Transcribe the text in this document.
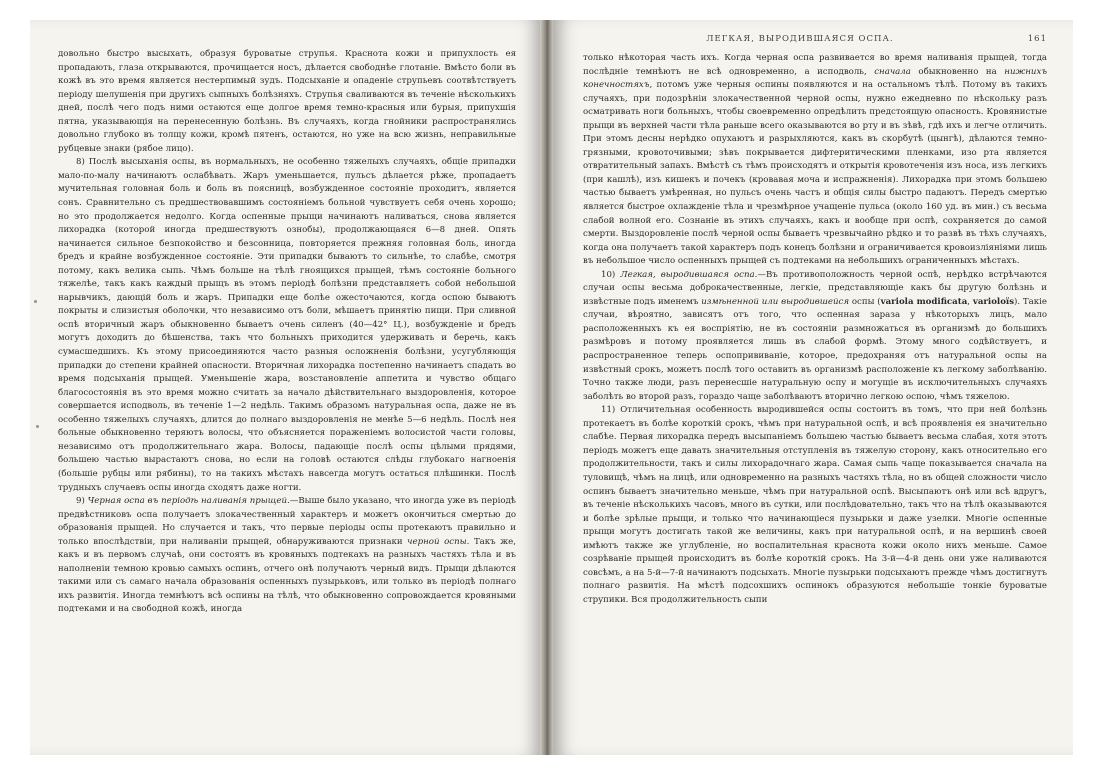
довольно быстро высыхать, образуя буроватые струпья. Краснота кожи и припухлость ея пропадають, глаза открываются, прочищается носъ, дѣлается свободнѣе глотаніе. Вмѣсто боли въ кожѣ въ это время является нестерпимый зудъ. Подсыханіе и опаденіе струпьевъ соотвѣтствуетъ періоду шелушенія при другихъ сыпныхъ болѣзняхъ. Струпья сваливаются въ теченіе нѣсколькихъ дней, послѣ чего подъ ними остаются еще долгое время темно-красныя или бурыя, припухшія пятна, указывающія на перенесенную болѣзнь. Въ случаяхъ, когда гнойники распространялись довольно глубоко въ толщу кожи, кромѣ пятенъ, остаются, но уже на всю жизнь, неправильные рубцевые знаки (рябое лицо).

8) Послѣ высыханія оспы, въ нормальныхъ, не особенно тяжелыхъ случаяхъ, общіе припадки мало-по-малу начинаютъ ослабѣвать. Жаръ уменьшается, пульсъ дѣлается рѣже, пропадаетъ мучительная головная боль и боль въ поясницѣ, возбужденное состояніе проходитъ, является сонъ. Сравнительно съ предшествовавшимъ состояніемъ больной чувствуетъ себя очень хорошо; но это продолжается недолго. Когда оспенные прыщи начинаютъ наливаться, снова является лихорадка (которой иногда предшествуютъ ознобы), продолжающаяся 6—8 дней. Опять начинается сильное безпокойство и безсонница, повторяется прежняя головная боль, иногда бредъ и крайне возбужденное состояніе. Эти припадки бываютъ то сильнѣе, то слабѣе, смотря потому, какъ велика сыпь. Чѣмъ больше на тѣлѣ гноящихся прыщей, тѣмъ состояніе больного тяжелѣе, такъ какъ каждый прыщъ въ этомъ періодѣ болѣзни представляетъ собой небольшой нарывчикъ, дающій боль и жаръ. Припадки еще болѣе ожесточаются, когда оспою бываютъ покрыты и слизистыя оболочки, что независимо отъ боли, мѣшаетъ принятію пищи. При сливной оспѣ вторичный жаръ обыкновенно бываетъ очень силенъ (40—42° Ц.), возбужденіе и бредъ могутъ доходить до бѣшенства, такъ что больныхъ приходится удерживать и беречь, какъ сумасшедшихъ. Къ этому присоединяются часто разныя осложненія болѣзни, усугубляющія припадки до степени крайней опасности. Вторичная лихорадка постепенно начинаетъ спадать во время подсыханія прыщей. Уменьшеніе жара, возстановленіе аппетита и чувство общаго благосостоянія въ это время можно считать за начало дѣйствительнаго выздоровленія, которое совершается исподволь, въ теченіе 1—2 недѣль. Такимъ образомъ натуральная оспа, даже не въ особенно тяжелыхъ случаяхъ, длится до полнаго выздоровленія не менѣе 5—6 недѣль. Послѣ нея больные обыкновенно теряютъ волосы, что объясняется пораженіемъ волосистой части головы, независимо отъ продолжительнаго жара. Волосы, падающіе послѣ оспы цѣлыми прядями, большею частью вырастаютъ снова, но если на головѣ остаются слѣды глубокаго нагноенія (большіе рубцы или рябины), то на такихъ мѣстахъ навсегда могутъ остаться плѣшинки. Послѣ трудныхъ случаевъ оспы иногда сходятъ даже ногти.

9) Черная оспа въ періодѣ наливанія прыщей.—Выше было указано, что иногда уже въ періодѣ предвѣстниковъ оспа получаетъ злокачественный характеръ и можетъ окончиться смертью до образованія прыщей. Но случается и такъ, что первые періоды оспы протекаютъ правильно и только впослѣдствіи, при наливаніи прыщей, обнаруживаются признаки черной оспы. Такъ же, какъ и въ первомъ случаѣ, они состоятъ въ кровяныхъ подтекахъ на разныхъ частяхъ тѣла и въ наполненіи темною кровью самыхъ оспинъ, отчего онѣ получаютъ черный видъ. Прыщи дѣлаются такими или съ самаго начала образованія оспенныхъ пузырьковъ, или только въ періодѣ полнаго ихъ развитія. Иногда темнѣютъ всѣ оспины на тѣлѣ, что обыкновенно сопровождается кровяными подтеками и на свободной кожѣ, иногда

ЛЕГКАЯ, ВЫРОДИВШАЯСЯ ОСПА.	161

только нѣкоторая часть ихъ. Когда черная оспа развивается во время наливанія прыщей, тогда послѣдніе темнѣютъ не всѣ одновременно, а исподволь, сначала обыкновенно на нижнихъ конечностяхъ, потомъ уже черныя оспины появляются и на остальномъ тѣлѣ. Потому въ такихъ случаяхъ, при подозрѣніи злокачественной черной оспы, нужно ежедневно по нѣскольку разъ осматривать ноги больныхъ, чтобы своевременно опредѣлить предстоящую опасность. Кровянистые прыщи въ верхней части тѣла раньше всего оказываются во рту и въ зѣвѣ, гдѣ ихъ и легче отличить. При этомъ десны нерѣдко опухаютъ и разрыхляются, какъ въ скорбутѣ (цынгѣ), дѣлаются темно-грязными, кровоточивыми; зѣвъ покрывается дифтеритическими пленками, изо рта является отвратительный запахъ. Вмѣстѣ съ тѣмъ происходятъ и открытія кровотеченія изъ носа, изъ легкихъ (при кашлѣ), изъ кишекъ и почекъ (кровавая моча и испражненія). Лихорадка при этомъ большею частью бываетъ умѣренная, но пульсъ очень частъ и общія силы быстро падаютъ. Передъ смертью является быстрое охлажденіе тѣла и чрезмѣрное учащеніе пульса (около 160 уд. въ мин.) съ весьма слабой волной его. Сознаніе въ этихъ случаяхъ, какъ и вообще при оспѣ, сохраняется до самой смерти. Выздоровленіе послѣ черной оспы бываетъ чрезвычайно рѣдко и то развѣ въ тѣхъ случаяхъ, когда она получаетъ такой характеръ подъ конецъ болѣзни и ограничивается кровоизліяніями лишь въ небольшое число оспенныхъ прыщей съ подтеками на небольшихъ ограниченныхъ мѣстахъ.

10) Легкая, выродившаяся оспа.—Въ противоположность черной оспѣ, нерѣдко встрѣчаются случаи оспы весьма доброкачественные, легкіе, представляющіе какъ бы другую болѣзнь и извѣстные подъ именемъ измѣненной или выродившейся оспы (variola modificata, varioloïs). Такіе случаи, вѣроятно, зависятъ отъ того, что оспенная зараза у нѣкоторыхъ лицъ, мало расположенныхъ къ ея воспріятію, не въ состояніи размножаться въ организмѣ до большихъ размѣровъ и потому проявляется лишь въ слабой формѣ. Этому много содѣйствуетъ, и распространенное теперь оспопрививаніе, которое, предохраняя отъ натуральной оспы на извѣстный срокъ, можетъ послѣ того оставить въ организмѣ расположеніе къ легкому заболѣванію. Точно также люди, разъ перенесшіе натуральную оспу и могущіе въ исключительныхъ случаяхъ заболѣть во второй разъ, гораздо чаще заболѣваютъ вторично легкою оспою, чѣмъ тяжелою.

11) Отличительная особенность выродившейся оспы состоитъ въ томъ, что при ней болѣзнь протекаетъ въ болѣе короткій срокъ, чѣмъ при натуральной оспѣ, и всѣ проявленія ея значительно слабѣе. Первая лихорадка передъ высыпаніемъ большею частью бываетъ весьма слабая, хотя этотъ періодъ можетъ еще давать значительныя отступленія въ тяжелую сторону, какъ относительно его продолжительности, такъ и силы лихорадочнаго жара. Самая сыпь чаще показывается сначала на туловищѣ, чѣмъ на лицѣ, или одновременно на разныхъ частяхъ тѣла, но въ общей сложности число оспинъ бываетъ значительно меньше, чѣмъ при натуральной оспѣ. Высыпаютъ онѣ или всѣ вдругъ, въ теченіе нѣсколькихъ часовъ, много въ сутки, или послѣдовательно, такъ что на тѣлѣ оказываются и болѣе зрѣлые прыщи, и только что начинающіеся пузырьки и даже узелки. Многіе оспенные прыщи могутъ достигать такой же величины, какъ при натуральной оспѣ, и на вершинѣ своей имѣютъ также же углубленіе, но воспалительная краснота кожи около нихъ меньше. Самое созрѣваніе прыщей происходитъ въ болѣе короткій срокъ. На 3-й—4-й день они уже наливаются совсѣмъ, а на 5-й—7-й начинаютъ подсыхать. Многіе пузырьки подсыхаютъ прежде чѣмъ достигнутъ полнаго развитія. На мѣстѣ подсохшихъ оспинокъ образуются небольшіе тонкіе буроватые струпики. Вся продолжительность сыпи
